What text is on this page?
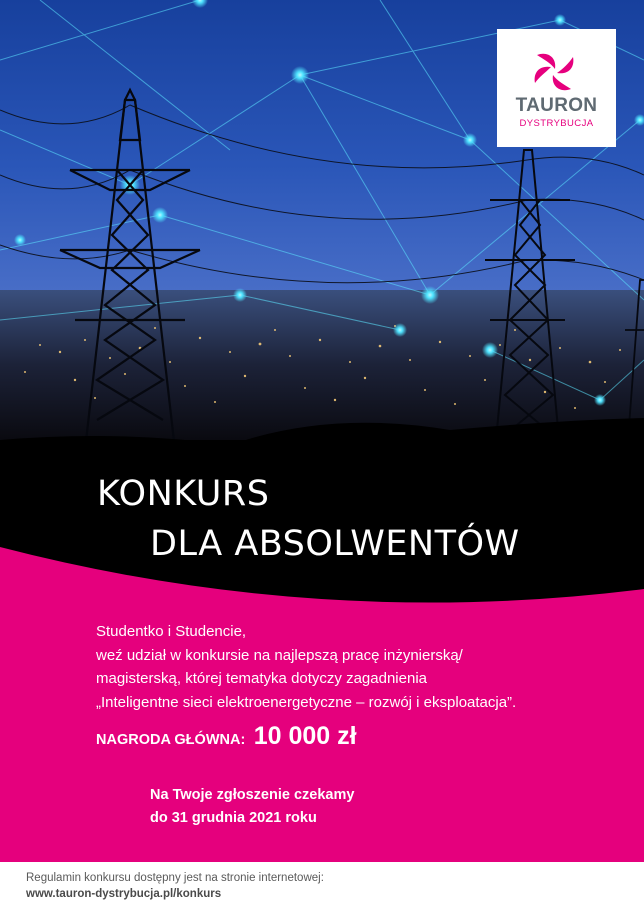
TAURON
DYSTRYBUCJA
KONKURS
DLA ABSOLWENTÓW
Studentko i Studencie,
weź udział w konkursie na najlepszą pracę inżynierską/
magisterską, której tematyka dotyczy zagadnienia
„Inteligentne sieci elektroenergetyczne – rozwój i eksploatacja”.
NAGRODA GŁÓWNA: 10 000 zł
Na Twoje zgłoszenie czekamy
do 31 grudnia 2021 roku
Regulamin konkursu dostępny jest na stronie internetowej:
www.tauron-dystrybucja.pl/konkurs
